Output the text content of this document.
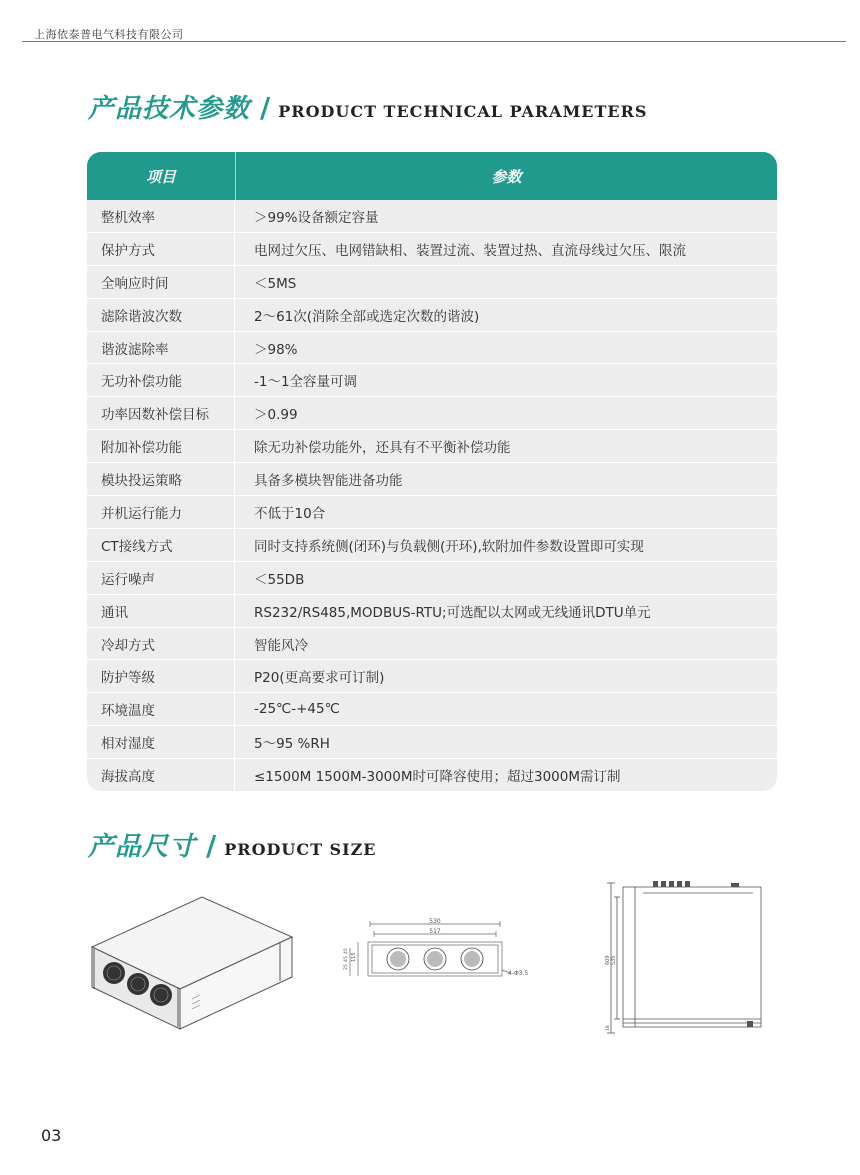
上海依泰普电气科技有限公司
产品技术参数 / PRODUCT TECHNICAL PARAMETERS
项目	参数
整机效率	＞99%设备额定容量
保护方式	电网过欠压、电网错缺相、装置过流、装置过热、直流母线过欠压、限流
全响应时间	＜5MS
滤除谐波次数	2～61次(消除全部或选定次数的谐波)
谐波滤除率	＞98%
无功补偿功能	-1～1全容量可调
功率因数补偿目标	＞0.99
附加补偿功能	除无功补偿功能外，还具有不平衡补偿功能
模块投运策略	具备多模块智能进备功能
并机运行能力	不低于10合
CT接线方式	同时支持系统侧(闭环)与负载侧(开环),软附加件参数设置即可实现
运行噪声	＜55DB
通讯	RS232/RS485,MODBUS-RTU;可选配以太网或无线通讯DTU单元
冷却方式	智能风冷
防护等级	P20(更高要求可订制)
环境温度	-25℃-+45℃
相对湿度	5～95 %RH
海拔高度	≤1500M 1500M-3000M时可降容使用；超过3000M需订制
产品尺寸 / PRODUCT SIZE
530
517
115
25
45
45
4-Φ3.5
609 535
18
03
